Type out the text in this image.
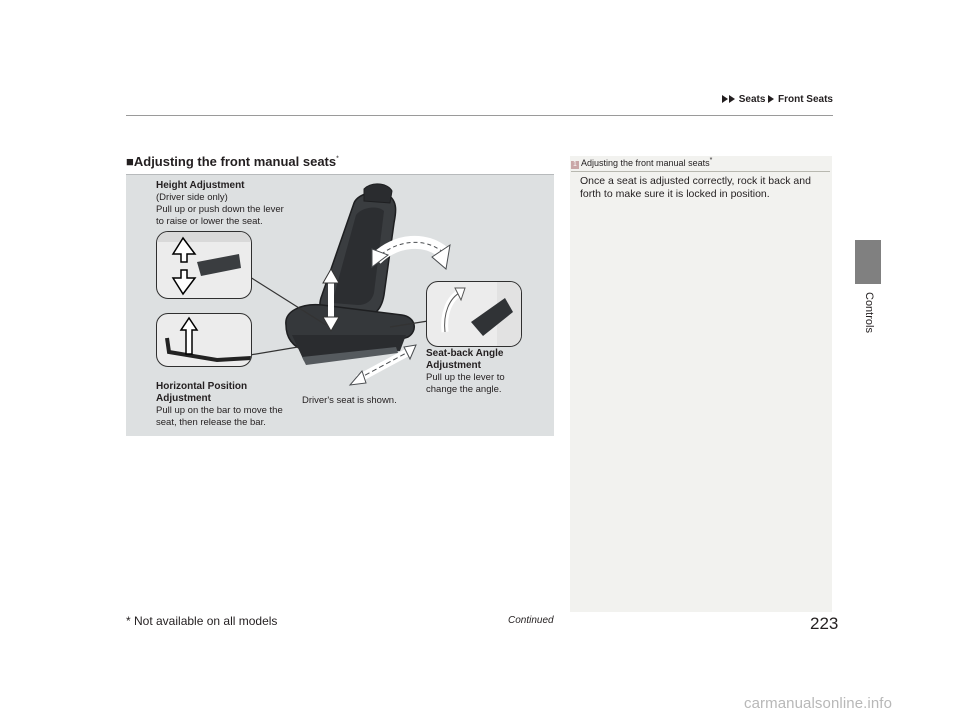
Seats Front Seats
Controls
■Adjusting the front manual seats*
Height Adjustment
(Driver side only)
Pull up or push down the lever
to raise or lower the seat.
Seat-back Angle
Adjustment
Pull up the lever to
change the angle.
Horizontal Position
Adjustment
Pull up on the bar to move the
seat, then release the bar.
Driver's seat is shown.
1 Adjusting the front manual seats*
Once a seat is adjusted correctly, rock it back and forth to make sure it is locked in position.
* Not available on all models	Continued	223
carmanualsonline.info
